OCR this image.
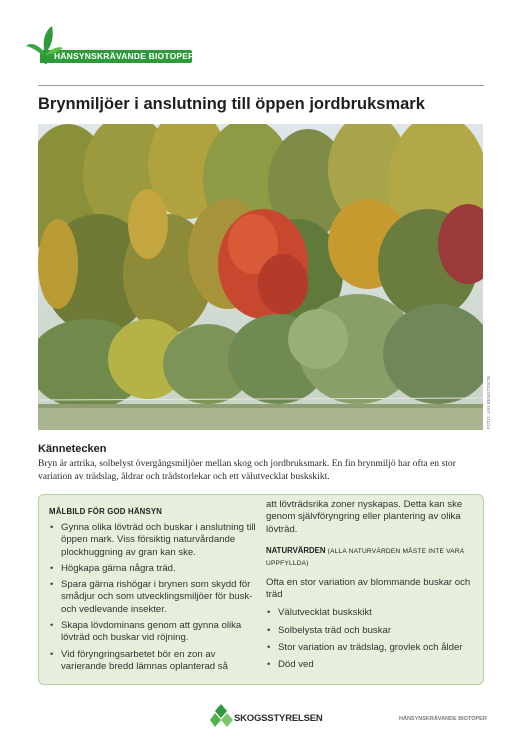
HÄNSYNSKRÄVANDE BIOTOPER
Brynmiljöer i anslutning till öppen jordbruksmark
FOTO: JAN BENGTSSON
Kännetecken

Bryn är artrika, solbelyst övergångsmiljöer mellan skog och jordbruksmark. En fin brynmiljö har ofta en stor variation av trädslag, åldrar och trädstorlekar och ett välutvecklat buskskikt.

MÅLBILD FÖR GOD HÄNSYN
• Gynna olika lövträd och buskar i anslutning till öppen mark. Viss försiktig naturvårdande plockhuggning av gran kan ske.
• Högkapa gärna några träd.
• Spara gärna rishögar i brynen som skydd för smådjur och som utvecklingsmiljöer för busk- och vedlevande insekter.
• Skapa lövdominans genom att gynna olika lövträd och buskar vid röjning.
• Vid föryngringsarbetet bör en zon av varierande bredd lämnas oplanterad så

att lövträdsrika zoner nyskapas. Detta kan ske genom självföryngring eller plantering av olika lövträd.

NATURVÄRDEN (ALLA NATURVÄRDEN MÅSTE INTE VARA UPPFYLLDA)

Ofta en stor variation av blommande buskar och träd

• Välutvecklat buskskikt
• Solbelysta träd och buskar
• Stor variation av trädslag, grovlek och ålder
• Död ved
SKOGSSTYRELSEN	HÄNSYNSKRÄVANDE BIOTOPER
